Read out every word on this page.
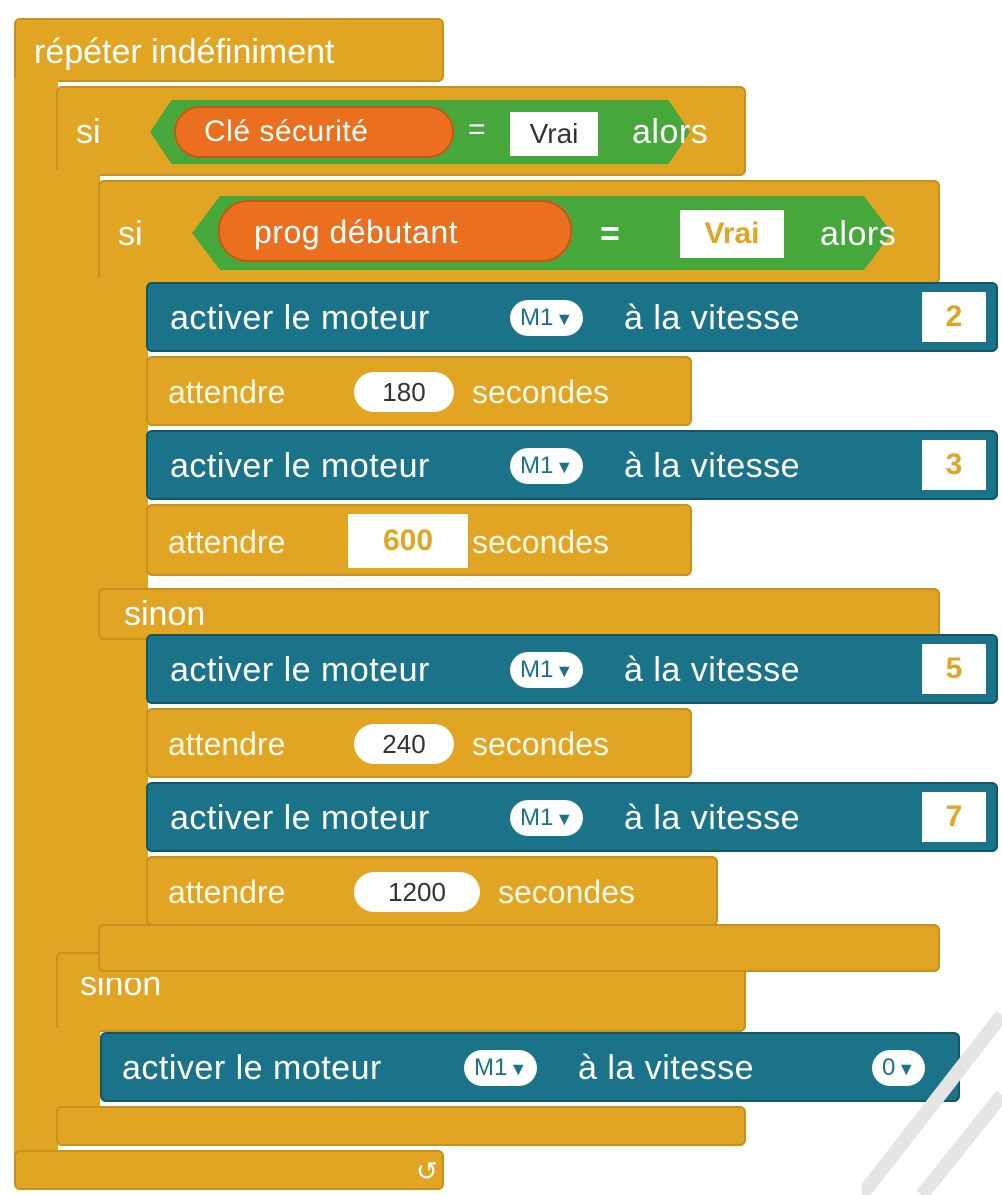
répéter indéfiniment
↺
si	Clé sécurité	=	Vrai	alors
sinon
si	prog débutant	=	Vrai	alors
sinon
activer le moteur	M1 ▼ à la vitesse	2
attendre	180	secondes
activer le moteur	M1 ▼ à la vitesse	3
attendre	600	secondes
activer le moteur	M1 ▼ à la vitesse	5
attendre	240	secondes
activer le moteur	M1 ▼ à la vitesse	7
attendre	1200	secondes
activer le moteur	M1 ▼ à la vitesse	0 ▼
